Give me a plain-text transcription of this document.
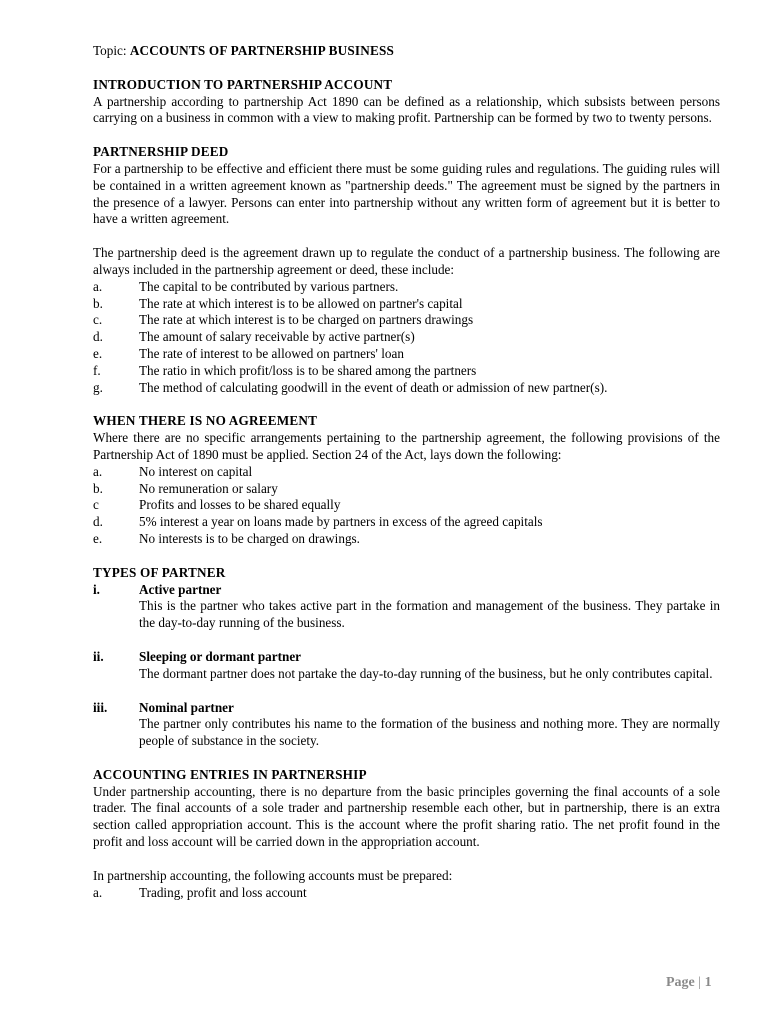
Topic: ACCOUNTS OF PARTNERSHIP BUSINESS
INTRODUCTION TO PARTNERSHIP ACCOUNT

A partnership according to partnership Act 1890 can be defined as a relationship, which subsists between persons carrying on a business in common with a view to making profit. Partnership can be formed by two to twenty persons.

PARTNERSHIP DEED

For a partnership to be effective and efficient there must be some guiding rules and regulations. The guiding rules will be contained in a written agreement known as "partnership deeds." The agreement must be signed by the partners in the presence of a lawyer. Persons can enter into partnership without any written form of agreement but it is better to have a written agreement.

The partnership deed is the agreement drawn up to regulate the conduct of a partnership business. The following are always included in the partnership agreement or deed, these include:

a.	The capital to be contributed by various partners.
b.	The rate at which interest is to be allowed on partner's capital
c.	The rate at which interest is to be charged on partners drawings
d.	The amount of salary receivable by active partner(s)
e.	The rate of interest to be allowed on partners' loan
f.	The ratio in which profit/loss is to be shared among the partners
g.	The method of calculating goodwill in the event of death or admission of new partner(s).
WHEN THERE IS NO AGREEMENT

Where there are no specific arrangements pertaining to the partnership agreement, the following provisions of the Partnership Act of 1890 must be applied. Section 24 of the Act, lays down the following:

a.	No interest on capital
b.	No remuneration or salary
c	Profits and losses to be shared equally
d.	5% interest a year on loans made by partners in excess of the agreed capitals
e.	No interests is to be charged on drawings.
TYPES OF PARTNER
i.	Active partner

This is the partner who takes active part in the formation and management of the business. They partake in the day-to-day running of the business.

ii.	Sleeping or dormant partner

The dormant partner does not partake the day-to-day running of the business, but he only contributes capital.

iii.	Nominal partner

The partner only contributes his name to the formation of the business and nothing more. They are normally people of substance in the society.

ACCOUNTING ENTRIES IN PARTNERSHIP

Under partnership accounting, there is no departure from the basic principles governing the final accounts of a sole trader. The final accounts of a sole trader and partnership resemble each other, but in partnership, there is an extra section called appropriation account. This is the account where the profit sharing ratio. The net profit found in the profit and loss account will be carried down in the appropriation account.

In partnership accounting, the following accounts must be prepared:

a.	Trading, profit and loss account
Page | 1
